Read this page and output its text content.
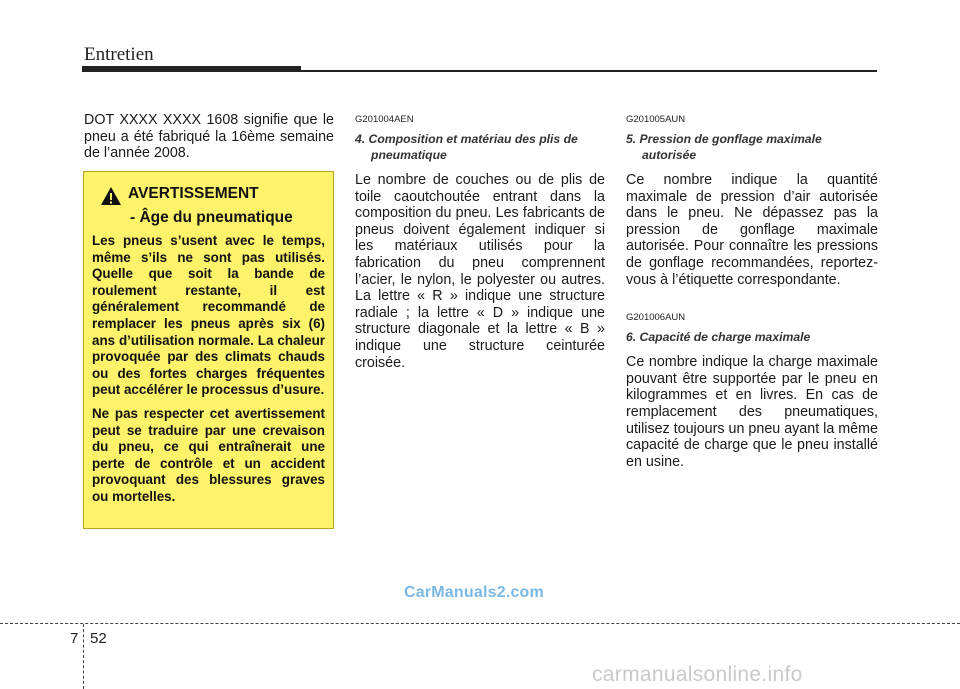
Entretien

DOT XXXX XXXX 1608 signifie que le pneu a été fabriqué la 16ème semaine de l’année 2008.

AVERTISSEMENT
- Âge du pneumatique

Les pneus s’usent avec le temps, même s’ils ne sont pas utilisés. Quelle que soit la bande de roulement restante, il est généralement recommandé de remplacer les pneus après six (6) ans d’utilisation normale. La chaleur provoquée par des climats chauds ou des fortes charges fréquentes peut accélérer le processus d’usure.

Ne pas respecter cet avertissement peut se traduire par une crevaison du pneu, ce qui entraînerait une perte de contrôle et un accident provoquant des blessures graves ou mortelles.

G201004AEN
4. Composition et matériau des plis de pneumatique

Le nombre de couches ou de plis de toile caoutchoutée entrant dans la composition du pneu. Les fabricants de pneus doivent également indiquer si les matériaux utilisés pour la fabrication du pneu comprennent l’acier, le nylon, le polyester ou autres. La lettre « R » indique une structure radiale ; la lettre « D » indique une structure diagonale et la lettre « B » indique une structure ceinturée croisée.

G201005AUN
5. Pression de gonflage maximale autorisée

Ce nombre indique la quantité maximale de pression d’air autorisée dans le pneu. Ne dépassez pas la pression de gonflage maximale autorisée. Pour connaître les pressions de gonflage recommandées, reportez-vous à l’étiquette correspondante.

G201006AUN
6. Capacité de charge maximale

Ce nombre indique la charge maximale pouvant être supportée par le pneu en kilogrammes et en livres. En cas de remplacement des pneumatiques, utilisez toujours un pneu ayant la même capacité de charge que le pneu installé en usine.

CarManuals2.com
7 52
carmanualsonline.info
